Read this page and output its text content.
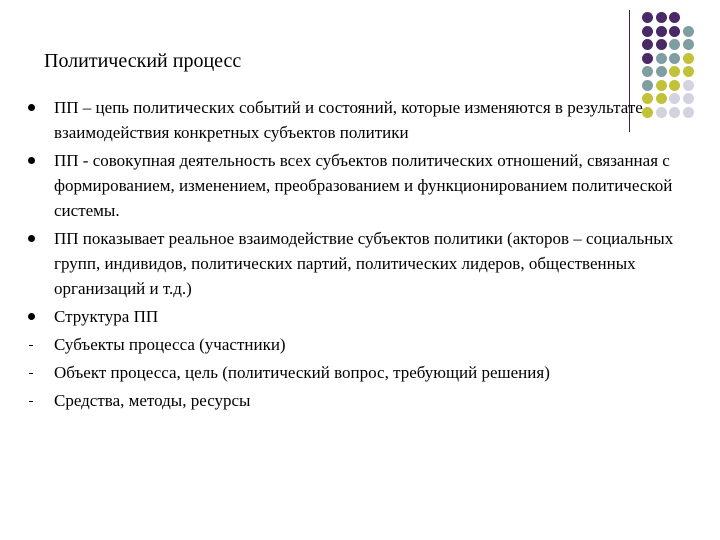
Политический процесс
ПП – цепь политических событий и состояний, которые изменяются в результате взаимодействия конкретных субъектов политики
ПП - совокупная деятельность всех субъектов политических отношений, связанная с формированием, изменением, преобразованием и функционированием политической системы.
ПП показывает реальное взаимодействие субъектов политики (акторов – социальных групп, индивидов, политических партий, политических лидеров, общественных организаций и т.д.)
Структура ПП
Субъекты процесса (участники)
Объект процесса, цель (политический вопрос, требующий решения)
Средства, методы, ресурсы
